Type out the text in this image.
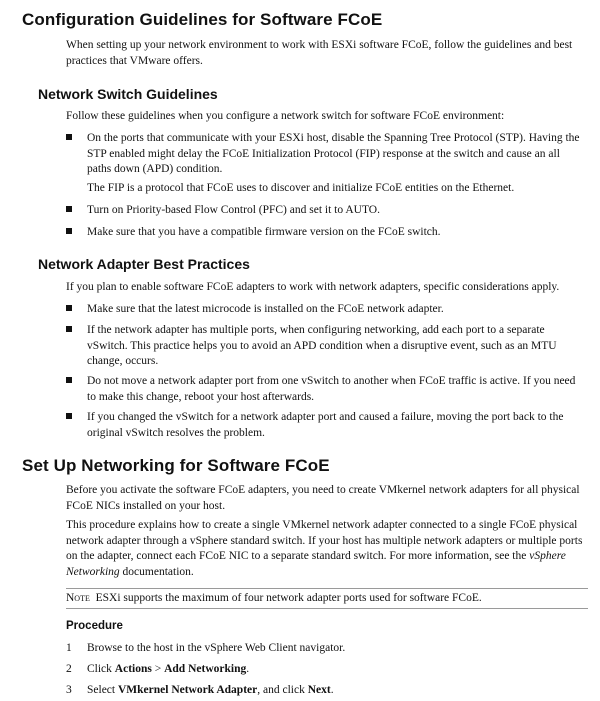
Configuration Guidelines for Software FCoE

When setting up your network environment to work with ESXi software FCoE, follow the guidelines and best practices that VMware offers.

Network Switch Guidelines

Follow these guidelines when you configure a network switch for software FCoE environment:

On the ports that communicate with your ESXi host, disable the Spanning Tree Protocol (STP). Having the STP enabled might delay the FCoE Initialization Protocol (FIP) response at the switch and cause an all paths down (APD) condition.

The FIP is a protocol that FCoE uses to discover and initialize FCoE entities on the Ethernet.

Turn on Priority-based Flow Control (PFC) and set it to AUTO.

Make sure that you have a compatible firmware version on the FCoE switch.

Network Adapter Best Practices

If you plan to enable software FCoE adapters to work with network adapters, specific considerations apply.

Make sure that the latest microcode is installed on the FCoE network adapter.

If the network adapter has multiple ports, when configuring networking, add each port to a separate vSwitch. This practice helps you to avoid an APD condition when a disruptive event, such as an MTU change, occurs.

Do not move a network adapter port from one vSwitch to another when FCoE traffic is active. If you need to make this change, reboot your host afterwards.

If you changed the vSwitch for a network adapter port and caused a failure, moving the port back to the original vSwitch resolves the problem.

Set Up Networking for Software FCoE

Before you activate the software FCoE adapters, you need to create VMkernel network adapters for all physical FCoE NICs installed on your host.

This procedure explains how to create a single VMkernel network adapter connected to a single FCoE physical network adapter through a vSphere standard switch. If your host has multiple network adapters or multiple ports on the adapter, connect each FCoE NIC to a separate standard switch. For more information, see the vSphere Networking documentation.

Note ESXi supports the maximum of four network adapter ports used for software FCoE.

Procedure
1	Browse to the host in the vSphere Web Client navigator.

2	Click Actions > Add Networking.

3	Select VMkernel Network Adapter, and click Next.
